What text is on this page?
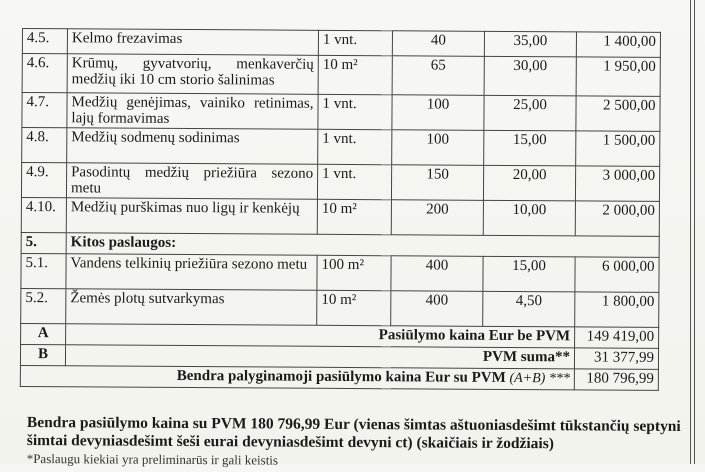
4.5.	Kelmo frezavimas	1 vnt.	40	35,00	1 400,00
4.6.	Krūmų, gyvatvorių, menkaverčių medžių iki 10 cm storio šalinimas	10 m²	65	30,00	1 950,00
4.7.	Medžių genėjimas, vainiko retinimas, lajų formavimas	1 vnt.	100	25,00	2 500,00
4.8.	Medžių sodmenų sodinimas	1 vnt.	100	15,00	1 500,00
4.9.	Pasodintų medžių priežiūra sezono metu	1 vnt.	150	20,00	3 000,00
4.10.	Medžių purškimas nuo ligų ir kenkėjų	10 m²	200	10,00	2 000,00
5.	Kitos paslaugos:				
5.1.	Vandens telkinių priežiūra sezono metu	100 m²	400	15,00	6 000,00
5.2.	Žemės plotų sutvarkymas	10 m²	400	4,50	1 800,00
A	Pasiūlymo kaina Eur be PVM				149 419,00
B	PVM suma**				31 377,99
Bendra palyginamoji pasiūlymo kaina Eur su PVM (A+B) ***					180 796,99
Bendra pasiūlymo kaina su PVM 180 796,99 Eur (vienas šimtas aštuoniasdešimt tūkstančių septyni
šimtai devyniasdešimt šeši eurai devyniasdešimt devyni ct) (skaičiais ir žodžiais)
*Paslaugu kiekiai yra preliminarūs ir gali keistis
